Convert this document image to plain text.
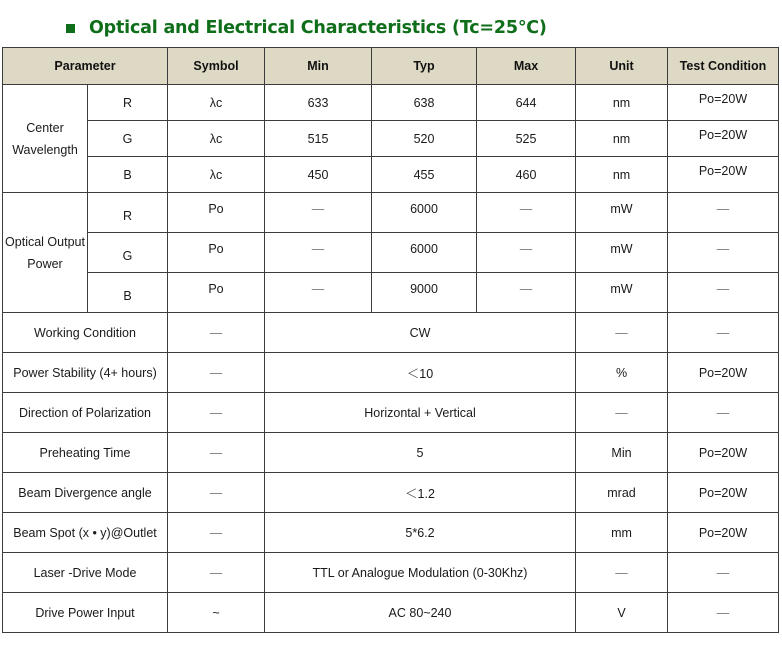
Optical and Electrical Characteristics (Tc=25℃)
Parameter		Symbol	Min	Typ	Max	Unit	Test Condition
Center Wavelength	R	λc	633	638	644	nm	Po=20W
	G	λc	515	520	525	nm	Po=20W
	B	λc	450	455	460	nm	Po=20W
Optical Output Power	R	Po	—	6000	—	mW	—
	G	Po	—	6000	—	mW	—
	B	Po	—	9000	—	mW	—
Working Condition		—	CW			—	—
Power Stability (4+ hours)		—	＜10			%	Po=20W
Direction of Polarization		—	Horizontal + Vertical			—	—
Preheating Time		—	5			Min	Po=20W
Beam Divergence angle		—	＜1.2			mrad	Po=20W
Beam Spot (x • y)@Outlet		—	5*6.2			mm	Po=20W
Laser -Drive Mode		—	TTL or Analogue Modulation (0-30Khz)			—	—
Drive Power Input		~	AC 80~240			V	—
